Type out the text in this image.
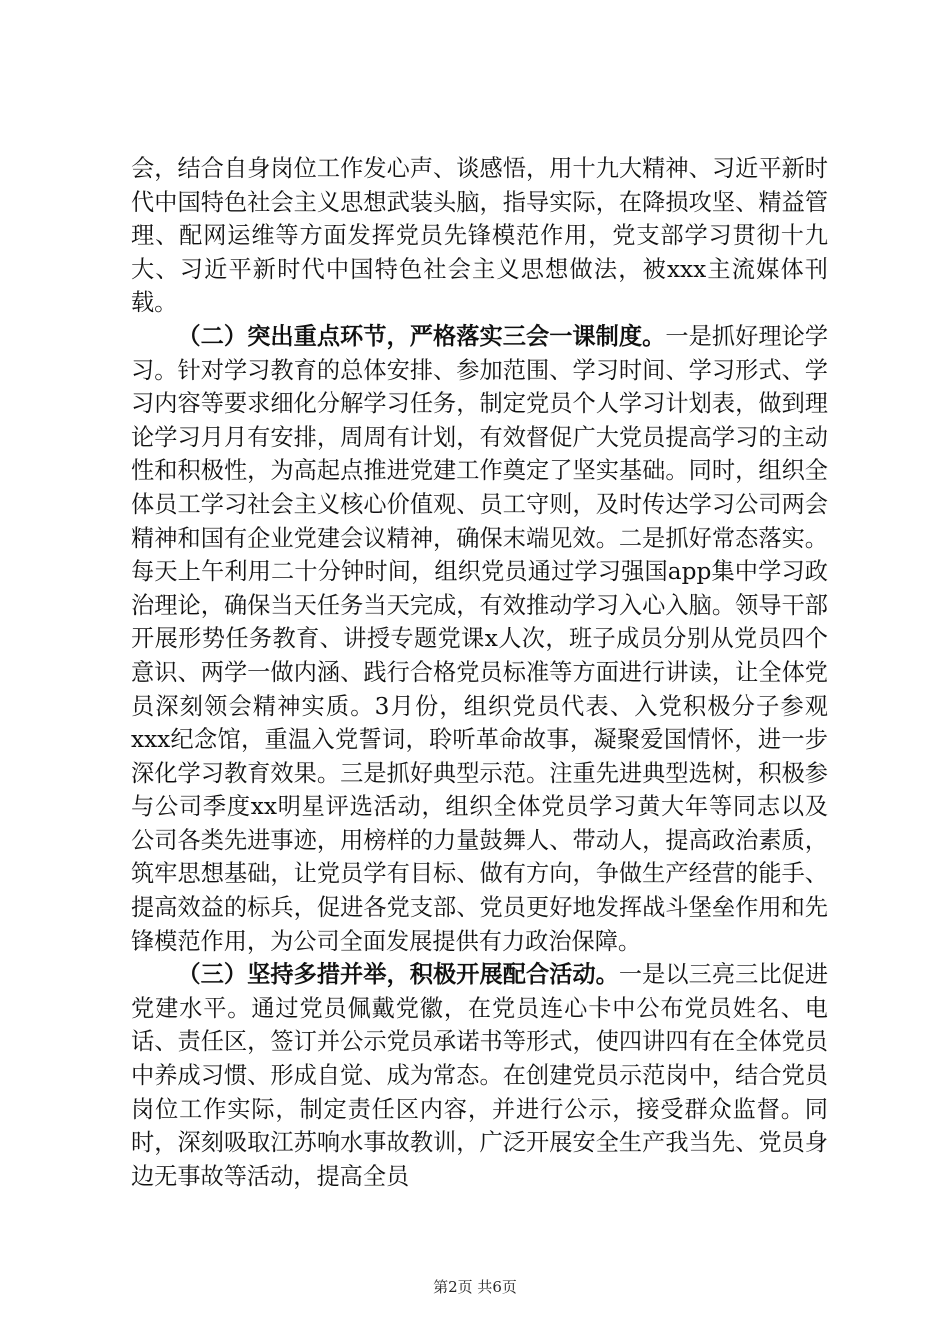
会，结合自身岗位工作发心声、谈感悟，用十九大精神、习近平新时代中国特色社会主义思想武装头脑，指导实际，在降损攻坚、精益管理、配网运维等方面发挥党员先锋模范作用，党支部学习贯彻十九大、习近平新时代中国特色社会主义思想做法，被xxx主流媒体刊载。

（二）突出重点环节，严格落实三会一课制度。一是抓好理论学习。针对学习教育的总体安排、参加范围、学习时间、学习形式、学习内容等要求细化分解学习任务，制定党员个人学习计划表，做到理论学习月月有安排，周周有计划，有效督促广大党员提高学习的主动性和积极性，为高起点推进党建工作奠定了坚实基础。同时，组织全体员工学习社会主义核心价值观、员工守则，及时传达学习公司两会精神和国有企业党建会议精神，确保末端见效。二是抓好常态落实。每天上午利用二十分钟时间，组织党员通过学习强国app集中学习政治理论，确保当天任务当天完成，有效推动学习入心入脑。领导干部开展形势任务教育、讲授专题党课x人次，班子成员分别从党员四个意识、两学一做内涵、践行合格党员标准等方面进行讲读，让全体党员深刻领会精神实质。3月份，组织党员代表、入党积极分子参观xxx纪念馆，重温入党誓词，聆听革命故事，凝聚爱国情怀，进一步深化学习教育效果。三是抓好典型示范。注重先进典型选树，积极参与公司季度xx明星评选活动，组织全体党员学习黄大年等同志以及公司各类先进事迹，用榜样的力量鼓舞人、带动人，提高政治素质，筑牢思想基础，让党员学有目标、做有方向，争做生产经营的能手、提高效益的标兵，促进各党支部、党员更好地发挥战斗堡垒作用和先锋模范作用，为公司全面发展提供有力政治保障。

（三）坚持多措并举，积极开展配合活动。一是以三亮三比促进党建水平。通过党员佩戴党徽，在党员连心卡中公布党员姓名、电话、责任区，签订并公示党员承诺书等形式，使四讲四有在全体党员中养成习惯、形成自觉、成为常态。在创建党员示范岗中，结合党员岗位工作实际，制定责任区内容，并进行公示，接受群众监督。同时，深刻吸取江苏响水事故教训，广泛开展安全生产我当先、党员身边无事故等活动，提高全员

第2页 共6页
